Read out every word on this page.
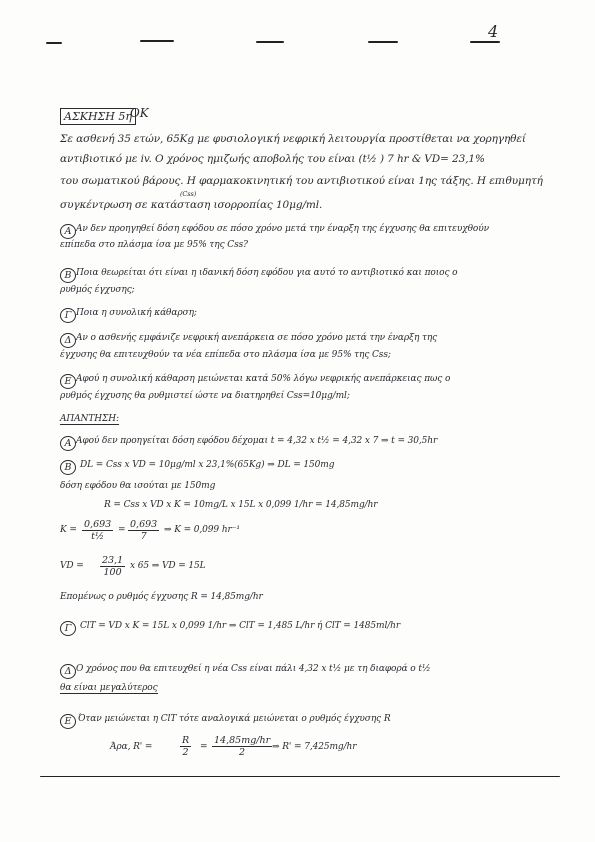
4
ΑΣΚΗΣΗ 5η
ΟΚ
Σε ασθενή 35 ετών, 65Kg με φυσιολογική νεφρική λειτουργία προστίθεται να χορηγηθεί
αντιβιοτικό με iv. Ο χρόνος ημιζωής αποβολής του είναι (t½ ) 7 hr & VD= 23,1%
του σωματικού βάρους. Η φαρμακοκινητική του αντιβιοτικού είναι 1ης τάξης. Η επιθυμητή
(Css)
συγκέντρωση σε κατάσταση ισορροπίας 10μg/ml.
Α Αν δεν προηγηθεί δόση εφόδου σε πόσο χρόνο μετά την έναρξη της έγχυσης θα επιτευχθούν
επίπεδα στο πλάσμα ίσα με 95% της Css?
Β Ποια θεωρείται ότι είναι η ιδανική δόση εφόδου για αυτό το αντιβιοτικό και ποιος ο
ρυθμός έγχυσης;
Γ Ποια η συνολική κάθαρση;
Δ Αν ο ασθενής εμφάνιζε νεφρική ανεπάρκεια σε πόσο χρόνο μετά την έναρξη της
έγχυσης θα επιτευχθούν τα νέα επίπεδα στο πλάσμα ίσα με 95% της Css;
Ε Αφού η συνολική κάθαρση μειώνεται κατά 50% λόγω νεφρικής ανεπάρκειας πως ο
ρυθμός έγχυσης θα ρυθμιστεί ώστε να διατηρηθεί Css=10μg/ml;
ΑΠΑΝΤΗΣΗ:
Α Αφού δεν προηγείται δόση εφόδου δέχομαι t = 4,32 x t½ = 4,32 x 7 ⇒ t = 30,5hr
Β DL = Css x VD = 10μg/ml x 23,1%(65Kg) ⇒ DL = 150mg
δόση εφόδου θα ισούται με 150mg
R = Css x VD x K = 10mg/L x 15L x 0,099 1/hr = 14,85mg/hr
$K = \frac{0,693}{\text{t½}} = \frac{0,693}{7}$ ⇒ K = 0,099 hr⁻¹
VD = $\frac{23,1}{100}$ x 65 ⇒ VD = 15L
Επομένως ο ρυθμός έγχυσης R = 14,85mg/hr
Γ ClT = VD x K = 15L x 0,099 1/hr ⇒ ClT = 1,485 L/hr ή ClT = 1485ml/hr
Δ Ο χρόνος που θα επιτευχθεί η νέα Css είναι πάλι 4,32 x t½ με τη διαφορά ο t½
θα είναι μεγαλύτερος
Ε Όταν μειώνεται η ClT τότε αναλογικά μειώνεται ο ρυθμός έγχυσης R
Άρα, R' =	$\frac{R}{2} = \frac{14,85mg/hr}{2}$ ⇒ R' = 7,425mg/hr
